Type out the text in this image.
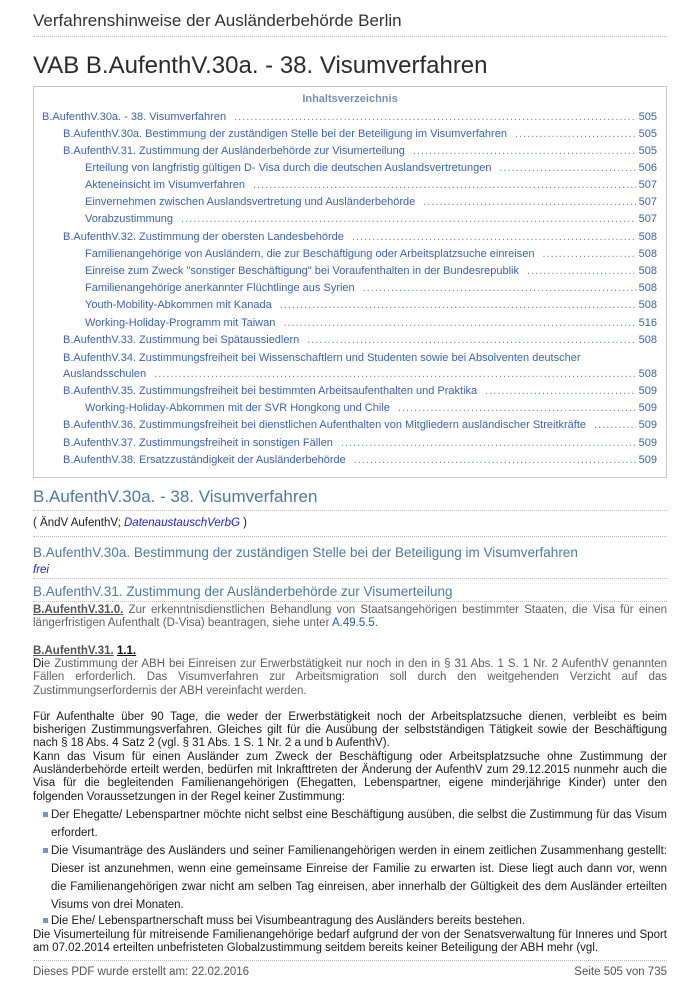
Verfahrenshinweise der Ausländerbehörde Berlin
VAB B.AufenthV.30a. - 38. Visumverfahren
Inhaltsverzeichnis
B.AufenthV.30a. - 38. Visumverfahren .....	505
B.AufenthV.30a. Bestimmung der zuständigen Stelle bei der Beteiligung im Visumverfahren .....	505
B.AufenthV.31. Zustimmung der Ausländerbehörde zur Visumerteilung .....	505
Erteilung von langfristig gültigen D- Visa durch die deutschen Auslandsvertretungen .....	506
Akteneinsicht im Visumverfahren .....	507
Einvernehmen zwischen Auslandsvertretung und Ausländerbehörde .....	507
Vorabzustimmung .....	507
B.AufenthV.32. Zustimmung der obersten Landesbehörde .....	508
Familienangehörige von Ausländern, die zur Beschäftigung oder Arbeitsplatzsuche einreisen .....	508
Einreise zum Zweck "sonstiger Beschäftigung" bei Voraufenthalten in der Bundesrepublik .....	508
Familienangehörige anerkannter Flüchtlinge aus Syrien .....	508
Youth-Mobility-Abkommen mit Kanada .....	508
Working-Holiday-Programm mit Taiwan .....	516
B.AufenthV.33. Zustimmung bei Spätaussiedlern .....	508
B.AufenthV.34. Zustimmungsfreiheit bei Wissenschaftlern und Studenten sowie bei Absolventen deutscher
Auslandsschulen .....	508
B.AufenthV.35. Zustimmungsfreiheit bei bestimmten Arbeitsaufenthalten und Praktika .....	509
Working-Holiday-Abkommen mit der SVR Hongkong und Chile .....	509
B.AufenthV.36. Zustimmungsfreiheit bei dienstlichen Aufenthalten von Mitgliedern ausländischer Streitkräfte .....	509
B.AufenthV.37. Zustimmungsfreiheit in sonstigen Fällen .....	509
B.AufenthV.38. Ersatzzuständigkeit der Ausländerbehörde .....	509
B.AufenthV.30a. - 38. Visumverfahren
( ÄndV AufenthV; DatenaustauschVerbG )
B.AufenthV.30a. Bestimmung der zuständigen Stelle bei der Beteiligung im Visumverfahren
frei
B.AufenthV.31. Zustimmung der Ausländerbehörde zur Visumerteilung
B.AufenthV.31.0. Zur erkenntnisdienstlichen Behandlung von Staatsangehörigen bestimmter Staaten, die Visa für einen längerfristigen Aufenthalt (D-Visa) beantragen, siehe unter A.49.5.5.
B.AufenthV.31. 1.1.
Die Zustimmung der ABH bei Einreisen zur Erwerbstätigkeit nur noch in den in § 31 Abs. 1 S. 1 Nr. 2 AufenthV genannten Fällen erforderlich. Das Visumverfahren zur Arbeitsmigration soll durch den weitgehenden Verzicht auf das Zustimmungserfordernis der ABH vereinfacht werden.
Für Aufenthalte über 90 Tage, die weder der Erwerbstätigkeit noch der Arbeitsplatzsuche dienen, verbleibt es beim bisherigen Zustimmungsverfahren. Gleiches gilt für die Ausübung der selbstständigen Tätigkeit sowie der Beschäftigung nach § 18 Abs. 4 Satz 2 (vgl. § 31 Abs. 1 S. 1 Nr. 2 a und b AufenthV).
Kann das Visum für einen Ausländer zum Zweck der Beschäftigung oder Arbeitsplatzsuche ohne Zustimmung der Ausländerbehörde erteilt werden, bedürfen mit Inkrafttreten der Änderung der AufenthV zum 29.12.2015 nunmehr auch die Visa für die begleitenden Familienangehörigen (Ehegatten, Lebenspartner, eigene minderjährige Kinder) unter den folgenden Voraussetzungen in der Regel keiner Zustimmung:
Der Ehegatte/ Lebenspartner möchte nicht selbst eine Beschäftigung ausüben, die selbst die Zustimmung für das Visum erfordert.
Die Visumanträge des Ausländers und seiner Familienangehörigen werden in einem zeitlichen Zusammenhang gestellt: Dieser ist anzunehmen, wenn eine gemeinsame Einreise der Familie zu erwarten ist. Diese liegt auch dann vor, wenn die Familienangehörigen zwar nicht am selben Tag einreisen, aber innerhalb der Gültigkeit des dem Ausländer erteilten Visums von drei Monaten.
Die Ehe/ Lebenspartnerschaft muss bei Visumbeantragung des Ausländers bereits bestehen.
Die Visumerteilung für mitreisende Familienangehörige bedarf aufgrund der von der Senatsverwaltung für Inneres und Sport am 07.02.2014 erteilten unbefristeten Globalzustimmung seitdem bereits keiner Beteiligung der ABH mehr (vgl.
Dieses PDF wurde erstellt am: 22.02.2016	Seite 505 von 735
